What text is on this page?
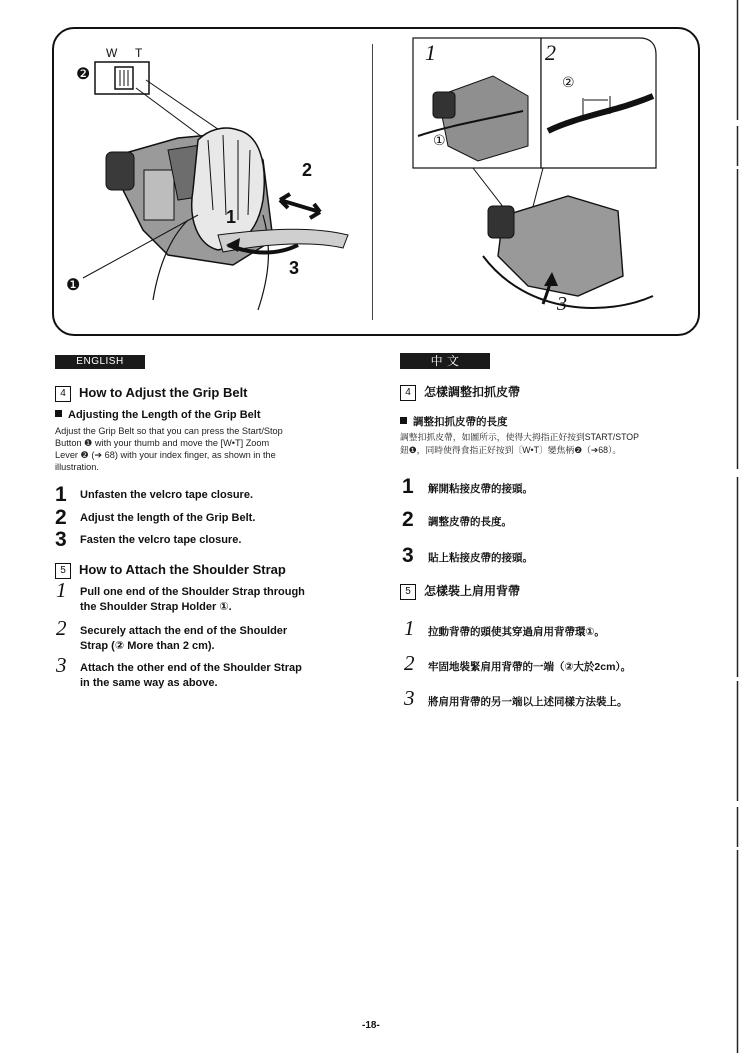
W T
❷
❶
1
2
3
1	2
3
①
②
ENGLISH
4 How to Adjust the Grip Belt
Adjusting the Length of the Grip Belt
Adjust the Grip Belt so that you can press the Start/Stop
Button ❶ with your thumb and move the [W•T] Zoom
Lever ❷ (➔ 68) with your index finger, as shown in the
illustration.
1 Unfasten the velcro tape closure.
2 Adjust the length of the Grip Belt.
3 Fasten the velcro tape closure.
5 How to Attach the Shoulder Strap
1 Pull one end of the Shoulder Strap through
the Shoulder Strap Holder ①.
2 Securely attach the end of the Shoulder
Strap (② More than 2 cm).
3 Attach the other end of the Shoulder Strap
in the same way as above.
中 文
4 怎樣調整扣抓皮帶
調整扣抓皮帶的長度
調整扣抓皮帶，如圖所示，使得大拇指正好按到START/STOP
鈕❶，同時使得食指正好按到〔W•T〕變焦柄❷（➔68）。
1 解開粘接皮帶的接頭。
2 調整皮帶的長度。
3 貼上粘接皮帶的接頭。
5 怎樣裝上肩用背帶
1 拉動背帶的頭使其穿過肩用背帶環①。
2 牢固地裝緊肩用背帶的一端（②大於2cm）。
3 將肩用背帶的另一端以上述同樣方法裝上。
-18-
